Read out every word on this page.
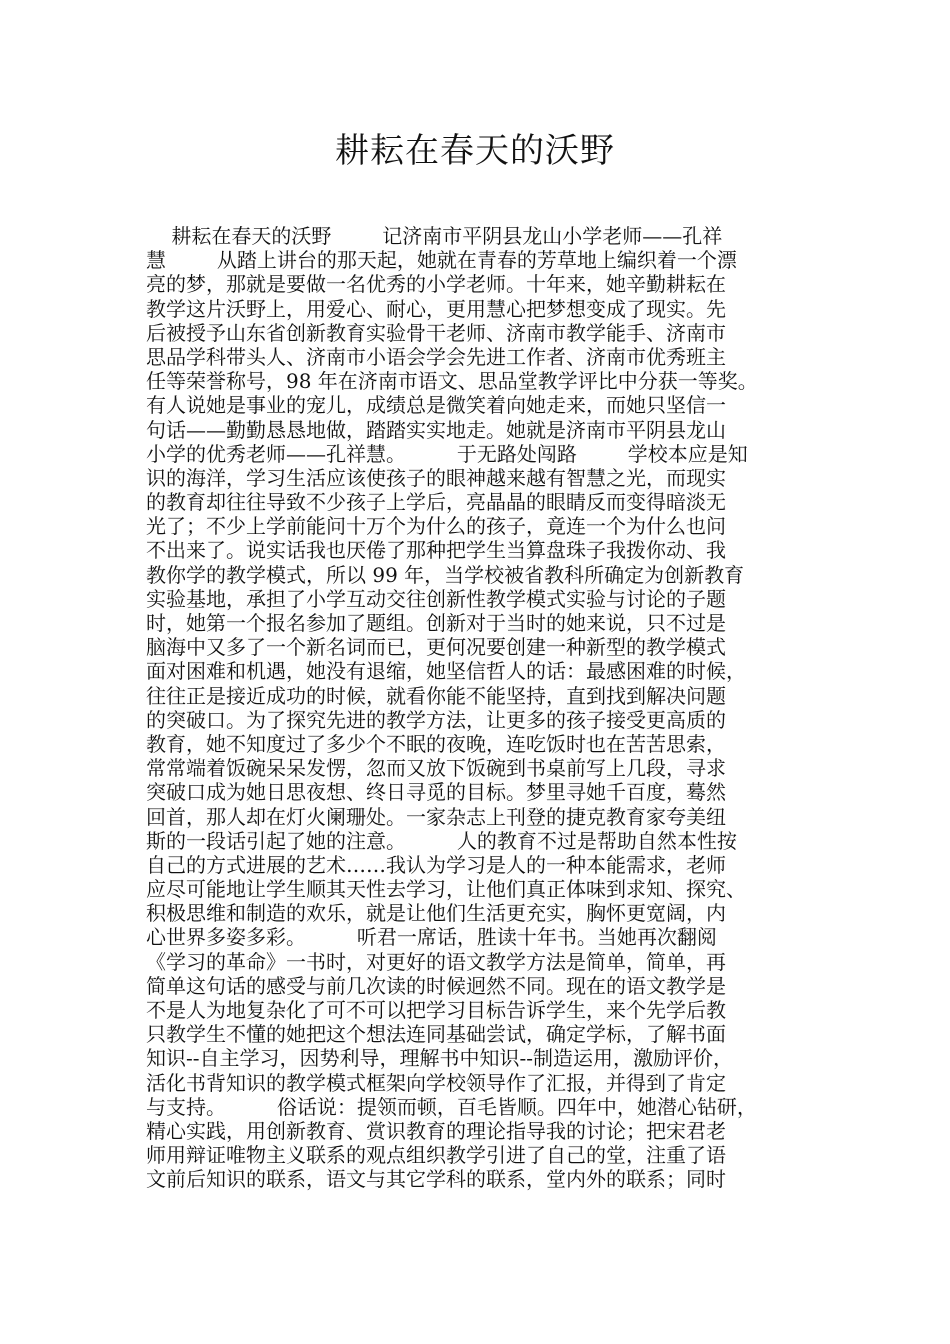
耕耘在春天的沃野
耕耘在春天的沃野        记济南市平阴县龙山小学老师——孔祥
慧        从踏上讲台的那天起，她就在青春的芳草地上编织着一个漂
亮的梦，那就是要做一名优秀的小学老师。十年来，她辛勤耕耘在
教学这片沃野上，用爱心、耐心，更用慧心把梦想变成了现实。先
后被授予山东省创新教育实验骨干老师、济南市教学能手、济南市
思品学科带头人、济南市小语会学会先进工作者、济南市优秀班主
任等荣誉称号，98 年在济南市语文、思品堂教学评比中分获一等奖。
有人说她是事业的宠儿，成绩总是微笑着向她走来，而她只坚信一
句话——勤勤恳恳地做，踏踏实实地走。她就是济南市平阴县龙山
小学的优秀老师——孔祥慧。        于无路处闯路        学校本应是知
识的海洋，学习生活应该使孩子的眼神越来越有智慧之光，而现实
的教育却往往导致不少孩子上学后，亮晶晶的眼睛反而变得暗淡无
光了；不少上学前能问十万个为什么的孩子，竟连一个为什么也问
不出来了。说实话我也厌倦了那种把学生当算盘珠子我拨你动、我
教你学的教学模式，所以 99 年，当学校被省教科所确定为创新教育
实验基地，承担了小学互动交往创新性教学模式实验与讨论的子题
时，她第一个报名参加了题组。创新对于当时的她来说，只不过是
脑海中又多了一个新名词而已，更何况要创建一种新型的教学模式
面对困难和机遇，她没有退缩，她坚信哲人的话：最感困难的时候，
往往正是接近成功的时候，就看你能不能坚持，直到找到解决问题
的突破口。为了探究先进的教学方法，让更多的孩子接受更高质的
教育，她不知度过了多少个不眠的夜晚，连吃饭时也在苦苦思索，
常常端着饭碗呆呆发愣，忽而又放下饭碗到书桌前写上几段，寻求
突破口成为她日思夜想、终日寻觅的目标。梦里寻她千百度，蓦然
回首，那人却在灯火阑珊处。一家杂志上刊登的捷克教育家夸美纽
斯的一段话引起了她的注意。        人的教育不过是帮助自然本性按
自己的方式进展的艺术……我认为学习是人的一种本能需求，老师
应尽可能地让学生顺其天性去学习，让他们真正体味到求知、探究、
积极思维和制造的欢乐，就是让他们生活更充实，胸怀更宽阔，内
心世界多姿多彩。        听君一席话，胜读十年书。当她再次翻阅
《学习的革命》一书时，对更好的语文教学方法是简单，简单，再
简单这句话的感受与前几次读的时候迥然不同。现在的语文教学是
不是人为地复杂化了可不可以把学习目标告诉学生，来个先学后教
只教学生不懂的她把这个想法连同基础尝试，确定学标，了解书面
知识--自主学习，因势利导，理解书中知识--制造运用，激励评价，
活化书背知识的教学模式框架向学校领导作了汇报，并得到了肯定
与支持。        俗话说：提领而顿，百毛皆顺。四年中，她潜心钻研，
精心实践，用创新教育、赏识教育的理论指导我的讨论；把宋君老
师用辩证唯物主义联系的观点组织教学引进了自己的堂，注重了语
文前后知识的联系，语文与其它学科的联系，堂内外的联系；同时
